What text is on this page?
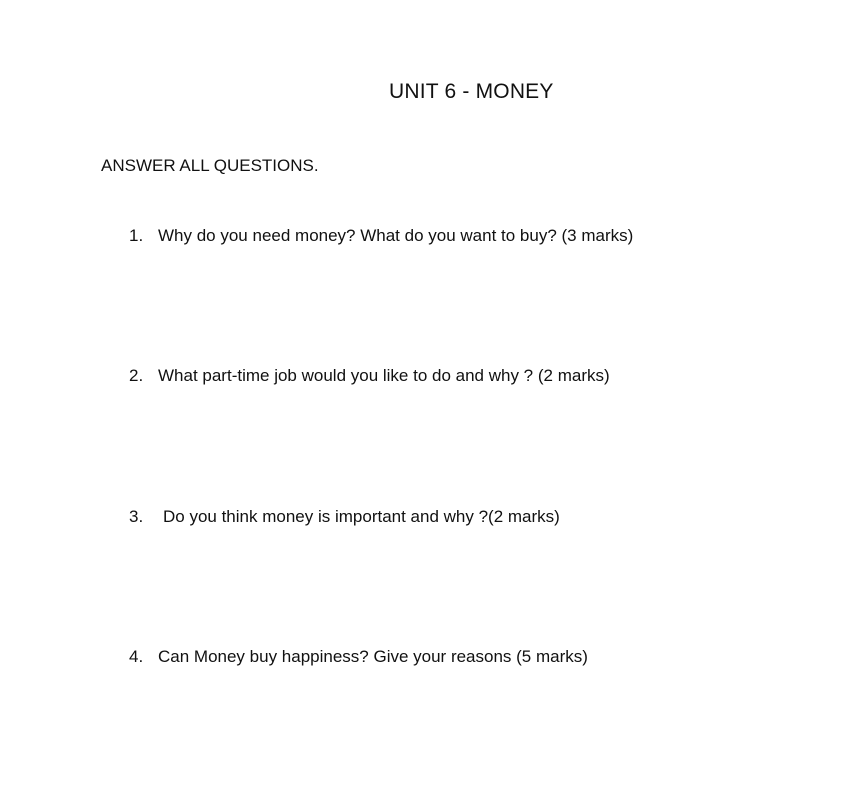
UNIT 6 - MONEY
ANSWER ALL QUESTIONS.
1. Why do you need money? What do you want to buy? (3 marks)
2. What part-time job would you like to do and why ? (2 marks)
3. Do you think money is important and why ?(2 marks)
4. Can Money buy happiness? Give your reasons (5 marks)
